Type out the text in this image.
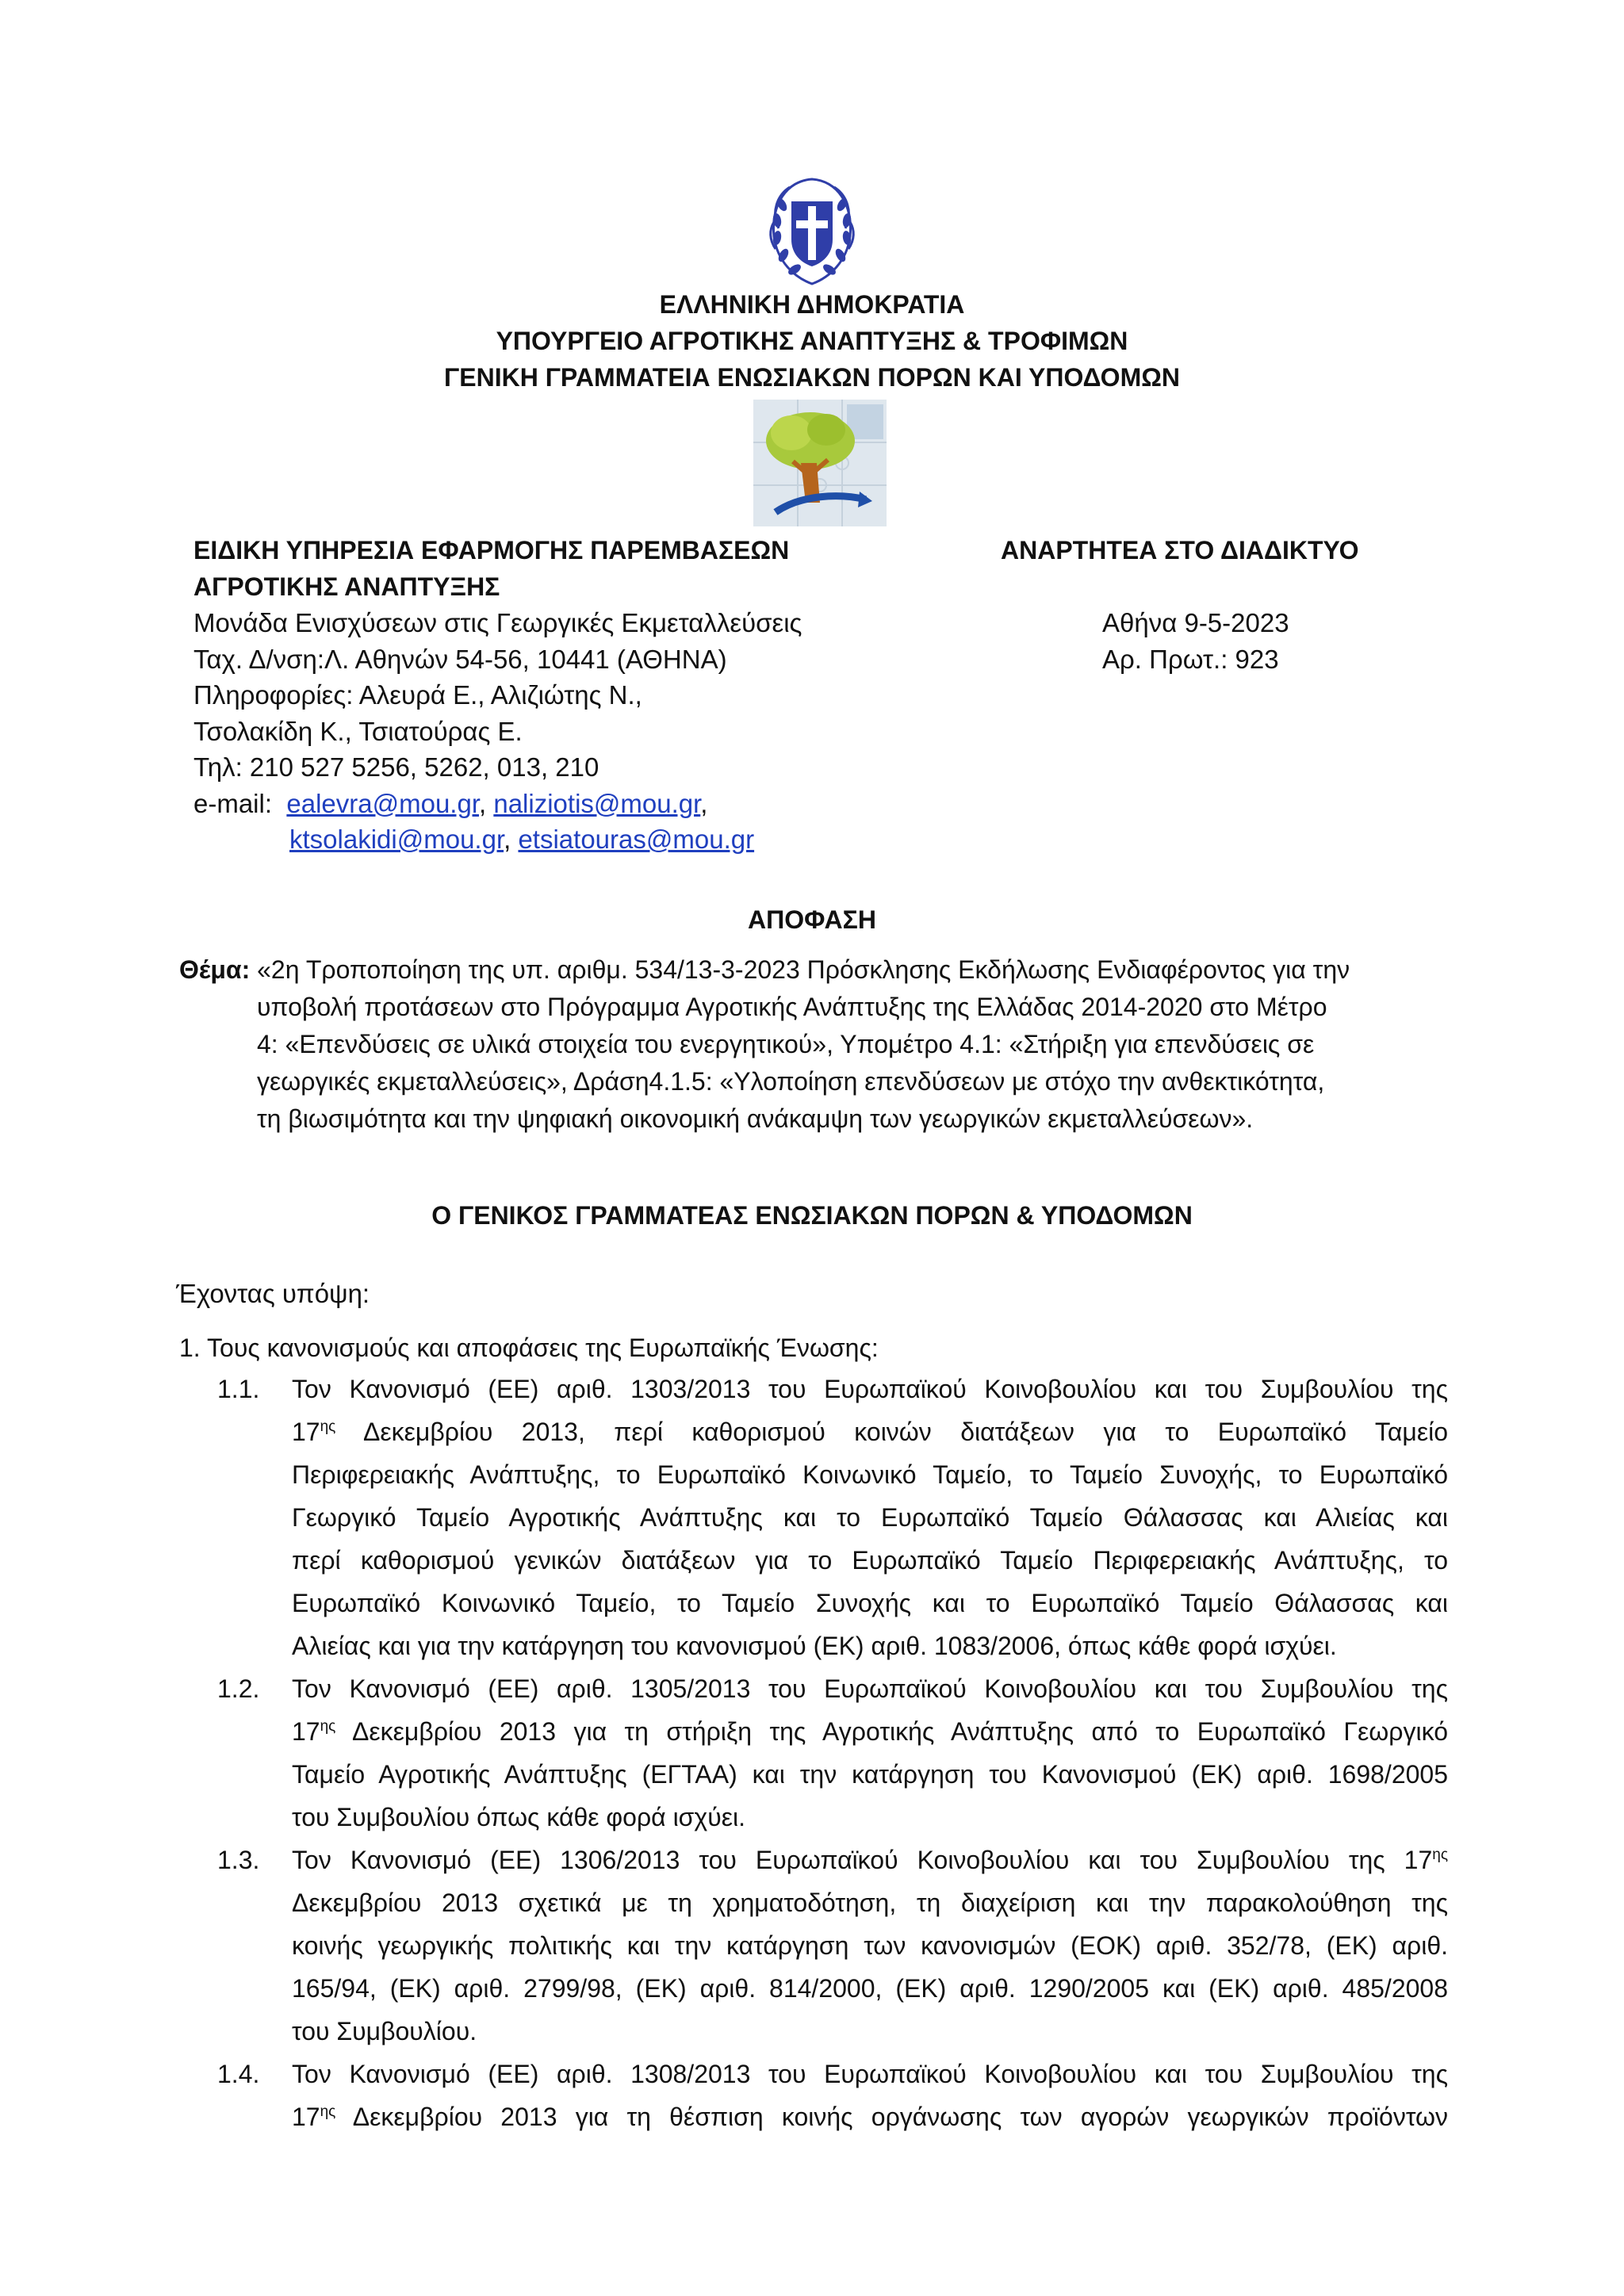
ΕΛΛΗΝΙΚΗ ΔΗΜΟΚΡΑΤΙΑ
ΥΠΟΥΡΓΕΙΟ ΑΓΡΟΤΙΚΗΣ ΑΝΑΠΤΥΞΗΣ & ΤΡΟΦΙΜΩΝ
ΓΕΝΙΚΗ ΓΡΑΜΜΑΤΕΙΑ ΕΝΩΣΙΑΚΩΝ ΠΟΡΩΝ ΚΑΙ ΥΠΟΔΟΜΩΝ
ΕΙΔΙΚΗ ΥΠΗΡΕΣΙΑ ΕΦΑΡΜΟΓΗΣ ΠΑΡΕΜΒΑΣΕΩΝ
ΑΓΡΟΤΙΚΗΣ ΑΝΑΠΤΥΞΗΣ
Μονάδα Ενισχύσεων στις Γεωργικές Εκμεταλλεύσεις
Ταχ. Δ/νση:Λ. Αθηνών 54-56, 10441 (ΑΘΗΝΑ)
Πληροφορίες: Αλευρά Ε., Αλιζιώτης Ν.,
Τσολακίδη Κ., Τσιατούρας Ε.
Τηλ: 210 527 5256, 5262, 013, 210
e-mail: ealevra@mou.gr, naliziotis@mou.gr,
ktsolakidi@mou.gr, etsiatouras@mou.gr
ΑΝΑΡΤΗΤΕΑ ΣΤΟ ΔΙΑΔΙΚΤΥΟ
Αθήνα 9-5-2023
Αρ. Πρωτ.: 923
ΑΠΟΦΑΣΗ
Θέμα: «2η Τροποποίηση της υπ. αριθμ. 534/13-3-2023 Πρόσκλησης Εκδήλωσης Ενδιαφέροντος για την
υποβολή προτάσεων στο Πρόγραμμα Αγροτικής Ανάπτυξης της Ελλάδας 2014-2020 στο Μέτρο
4: «Επενδύσεις σε υλικά στοιχεία του ενεργητικού», Υπομέτρο 4.1: «Στήριξη για επενδύσεις σε
γεωργικές εκμεταλλεύσεις», Δράση4.1.5: «Υλοποίηση επενδύσεων με στόχο την ανθεκτικότητα,
τη βιωσιμότητα και την ψηφιακή οικονομική ανάκαμψη των γεωργικών εκμεταλλεύσεων».
Ο ΓΕΝΙΚΟΣ ΓΡΑΜΜΑΤΕΑΣ ΕΝΩΣΙΑΚΩΝ ΠΟΡΩΝ & ΥΠΟΔΟΜΩΝ
Έχοντας υπόψη:
1. Τους κανονισμούς και αποφάσεις της Ευρωπαϊκής Ένωσης:
1.1. Τον Κανονισμό (ΕΕ) αριθ. 1303/2013 του Ευρωπαϊκού Κοινοβουλίου και του Συμβουλίου της
$17^{\eta\varsigma}$ Δεκεμβρίου 2013, περί καθορισμού κοινών διατάξεων για το Ευρωπαϊκό Ταμείο
Περιφερειακής Ανάπτυξης, το Ευρωπαϊκό Κοινωνικό Ταμείο, το Ταμείο Συνοχής, το Ευρωπαϊκό
Γεωργικό Ταμείο Αγροτικής Ανάπτυξης και το Ευρωπαϊκό Ταμείο Θάλασσας και Αλιείας και
περί καθορισμού γενικών διατάξεων για το Ευρωπαϊκό Ταμείο Περιφερειακής Ανάπτυξης, το
Ευρωπαϊκό Κοινωνικό Ταμείο, το Ταμείο Συνοχής και το Ευρωπαϊκό Ταμείο Θάλασσας και
Αλιείας και για την κατάργηση του κανονισμού (ΕΚ) αριθ. 1083/2006, όπως κάθε φορά ισχύει.
1.2. Τον Κανονισμό (ΕΕ) αριθ. 1305/2013 του Ευρωπαϊκού Κοινοβουλίου και του Συμβουλίου της
$17^{\eta\varsigma}$ Δεκεμβρίου 2013 για τη στήριξη της Αγροτικής Ανάπτυξης από το Ευρωπαϊκό Γεωργικό
Ταμείο Αγροτικής Ανάπτυξης (ΕΓΤΑΑ) και την κατάργηση του Κανονισμού (ΕΚ) αριθ. 1698/2005
του Συμβουλίου όπως κάθε φορά ισχύει.
1.3. Τον Κανονισμό (ΕΕ) 1306/2013 του Ευρωπαϊκού Κοινοβουλίου και του Συμβουλίου της $17^{\eta\varsigma}$
Δεκεμβρίου 2013 σχετικά με τη χρηματοδότηση, τη διαχείριση και την παρακολούθηση της
κοινής γεωργικής πολιτικής και την κατάργηση των κανονισμών (ΕΟΚ) αριθ. 352/78, (ΕΚ) αριθ.
165/94, (ΕΚ) αριθ. 2799/98, (ΕΚ) αριθ. 814/2000, (ΕΚ) αριθ. 1290/2005 και (ΕΚ) αριθ. 485/2008
του Συμβουλίου.
1.4. Τον Κανονισμό (ΕΕ) αριθ. 1308/2013 του Ευρωπαϊκού Κοινοβουλίου και του Συμβουλίου της
$17^{\eta\varsigma}$ Δεκεμβρίου 2013 για τη θέσπιση κοινής οργάνωσης των αγορών γεωργικών προϊόντων
